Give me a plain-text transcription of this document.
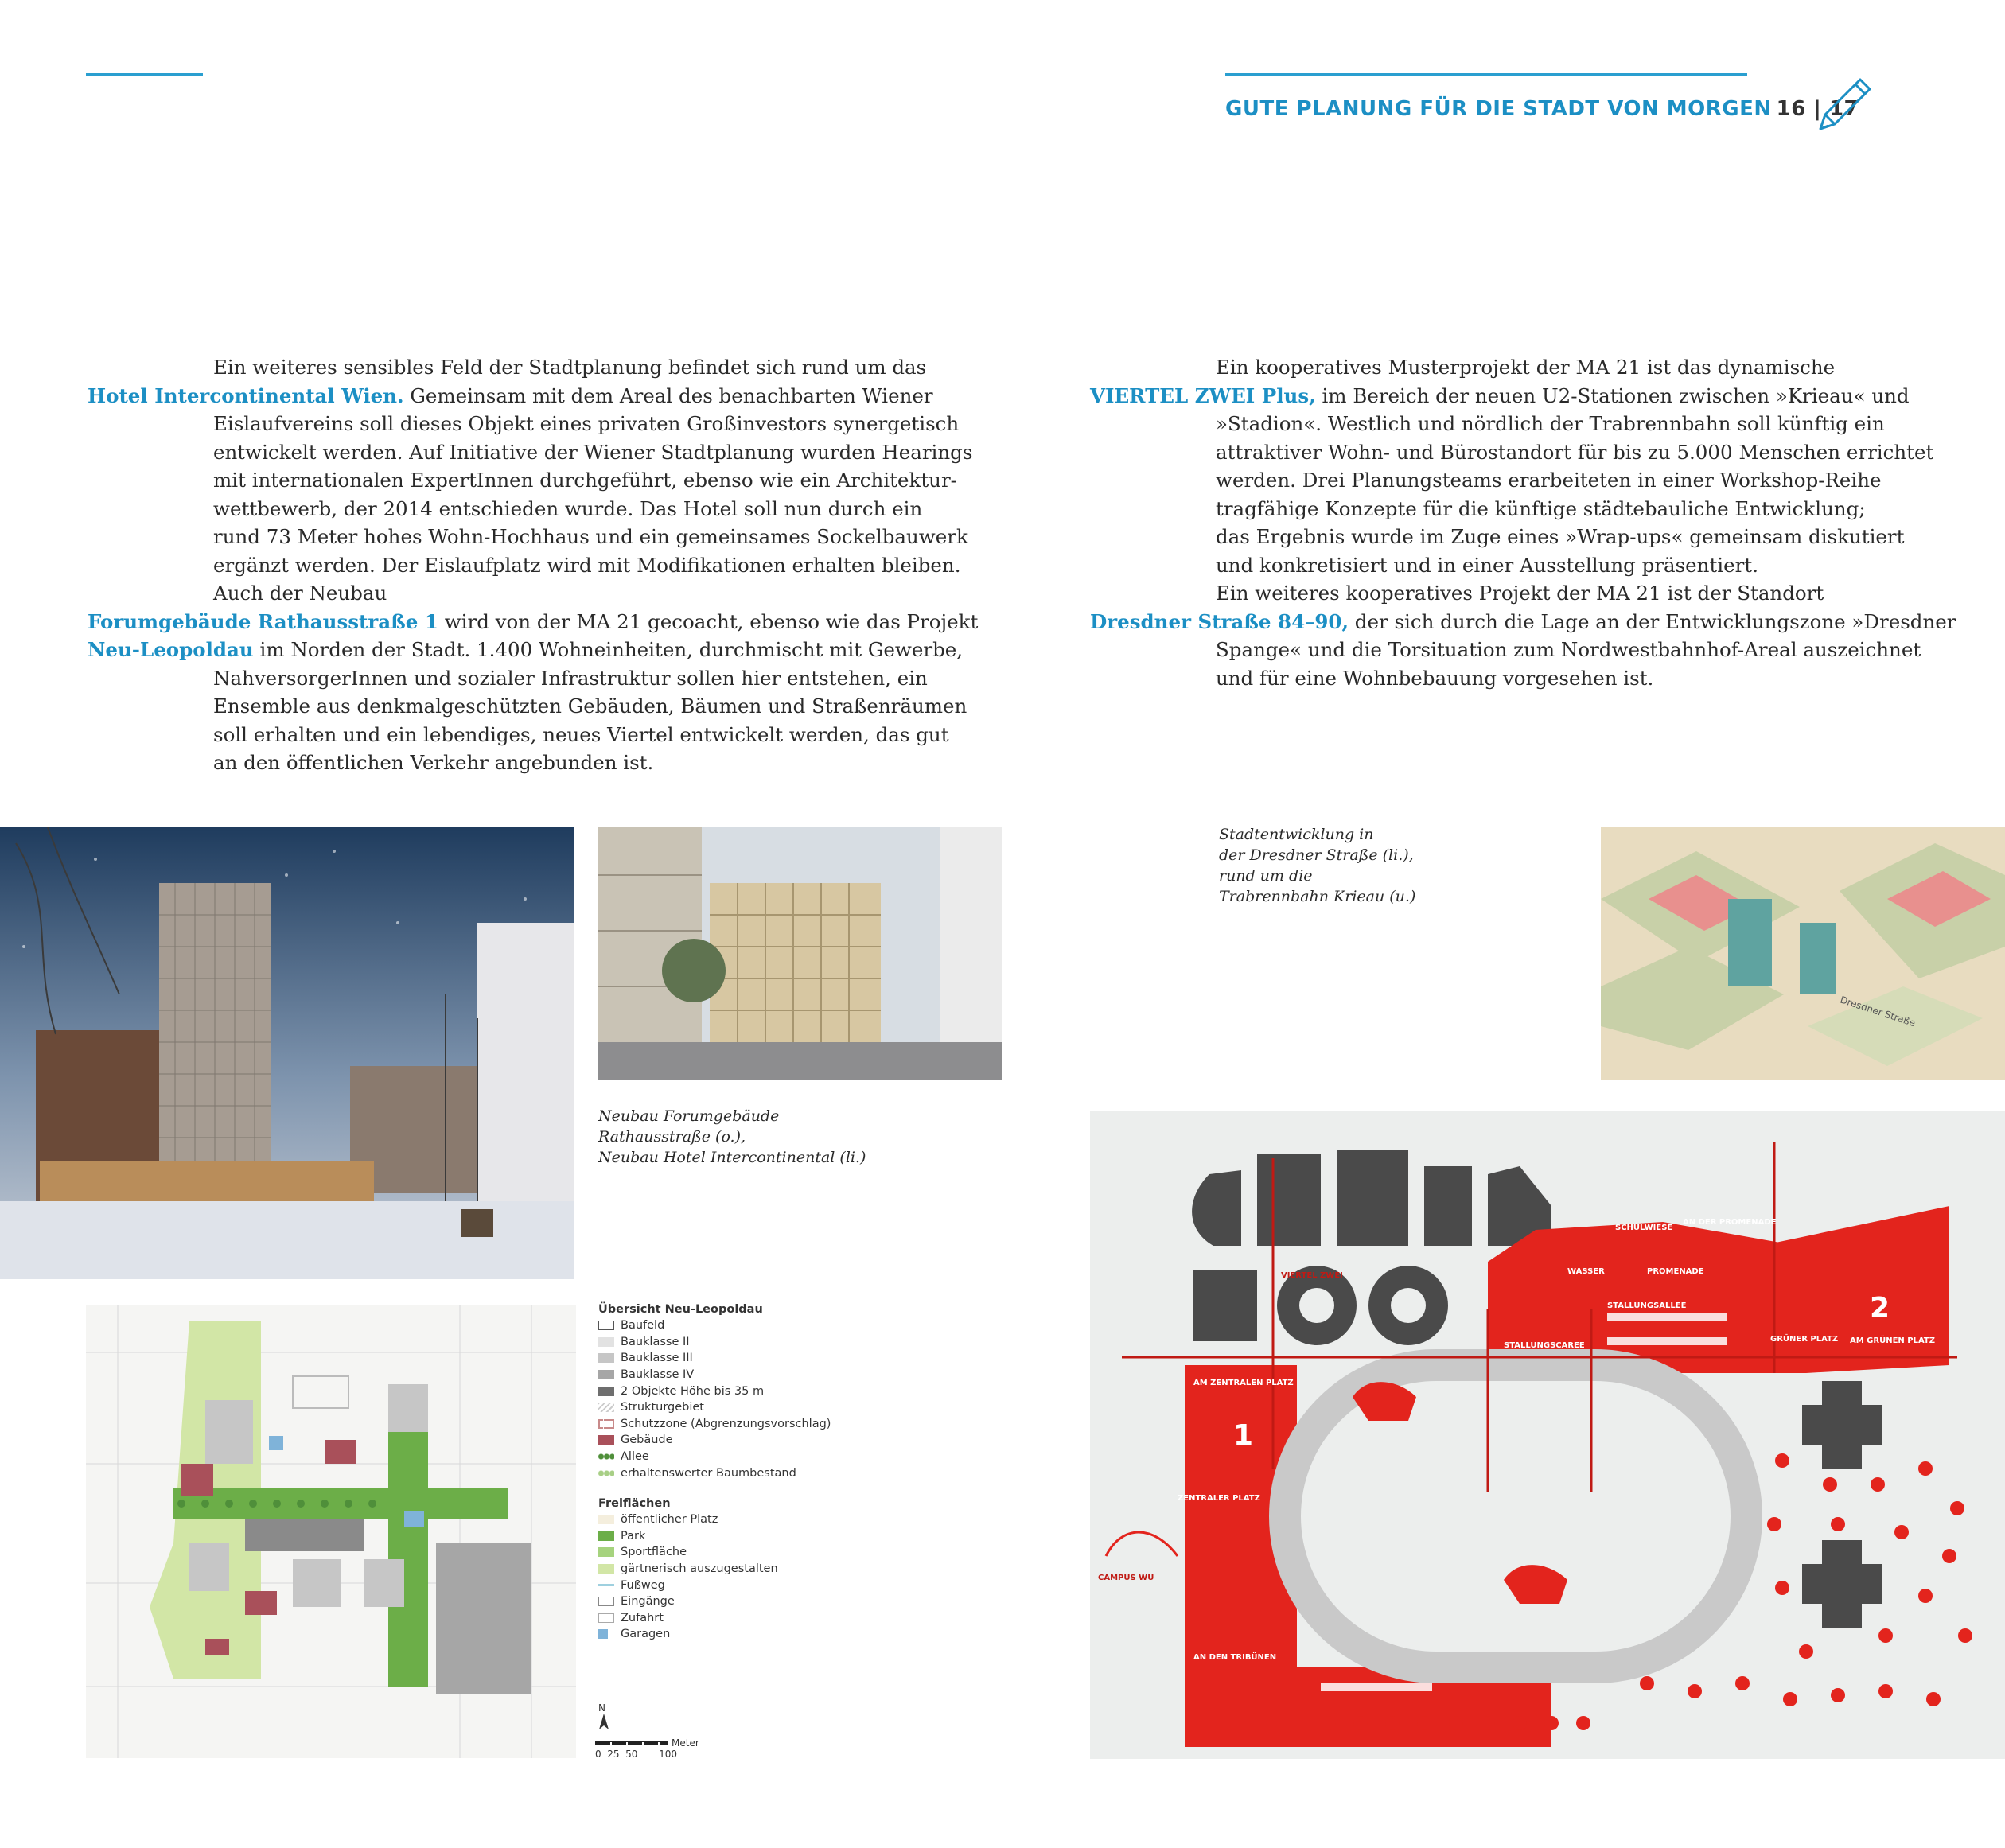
GUTE PLANUNG FÜR DIE STADT VON MORGEN 16 | 17
Ein weiteres sensibles Feld der Stadtplanung befindet sich rund um das
Hotel Intercontinental Wien. Gemeinsam mit dem Areal des benachbarten Wiener
Eislaufvereins soll dieses Objekt eines privaten Großinvestors synergetisch
entwickelt werden. Auf Initiative der Wiener Stadtplanung wurden Hearings
mit internationalen ExpertInnen durchgeführt, ebenso wie ein Architektur-
wettbewerb, der 2014 entschieden wurde. Das Hotel soll nun durch ein
rund 73 Meter hohes Wohn-Hochhaus und ein gemeinsames Sockelbauwerk
ergänzt werden. Der Eislaufplatz wird mit Modifikationen erhalten bleiben.
Auch der Neubau
Forumgebäude Rathausstraße 1 wird von der MA 21 gecoacht, ebenso wie das Projekt
Neu-Leopoldau im Norden der Stadt. 1.400 Wohneinheiten, durchmischt mit Gewerbe,
NahversorgerInnen und sozialer Infrastruktur sollen hier entstehen, ein
Ensemble aus denkmalgeschützten Gebäuden, Bäumen und Straßenräumen
soll erhalten und ein lebendiges, neues Viertel entwickelt werden, das gut
an den öffentlichen Verkehr angebunden ist.
Ein kooperatives Musterprojekt der MA 21 ist das dynamische
VIERTEL ZWEI Plus, im Bereich der neuen U2-Stationen zwischen »Krieau« und
»Stadion«. Westlich und nördlich der Trabrennbahn soll künftig ein
attraktiver Wohn- und Bürostandort für bis zu 5.000 Menschen errichtet
werden. Drei Planungsteams erarbeiteten in einer Workshop-Reihe
tragfähige Konzepte für die künftige städtebauliche Entwicklung;
das Ergebnis wurde im Zuge eines »Wrap-ups« gemeinsam diskutiert
und konkretisiert und in einer Ausstellung präsentiert.
Ein weiteres kooperatives Projekt der MA 21 ist der Standort
Dresdner Straße 84–90, der sich durch die Lage an der Entwicklungszone »Dresdner
Spange« und die Torsituation zum Nordwestbahnhof-Areal auszeichnet
und für eine Wohnbebauung vorgesehen ist.
Neubau Forumgebäude
Rathausstraße (o.),
Neubau Hotel Intercontinental (li.)
Stadtentwicklung in
der Dresdner Straße (li.),
rund um die
Trabrennbahn Krieau (u.)
Dresdner Straße
Übersicht Neu-Leopoldau
Baufeld
Bauklasse II
Bauklasse III
Bauklasse IV
2 Objekte Höhe bis 35 m
Strukturgebiet
Schutzzone (Abgrenzungsvorschlag)
Gebäude
Allee
erhaltenswerter Baumbestand
Freiflächen
öffentlicher Platz
Park
Sportfläche
gärtnerisch auszugestalten
Fußweg
Eingänge
Zufahrt
Garagen
N
Meter
0  25  50       100
VIERTEL ZWEI
SCHULWIESE
AN DER PROMENADE
WASSER	PROMENADE
STALLUNGSALLEE
STALLUNGSCAREE
GRÜNER PLATZ AM GRÜNEN PLATZ
AM ZENTRALEN PLATZ
ZENTRALER PLATZ
AN DEN TRIBÜNEN
CAMPUS WU
1
2
